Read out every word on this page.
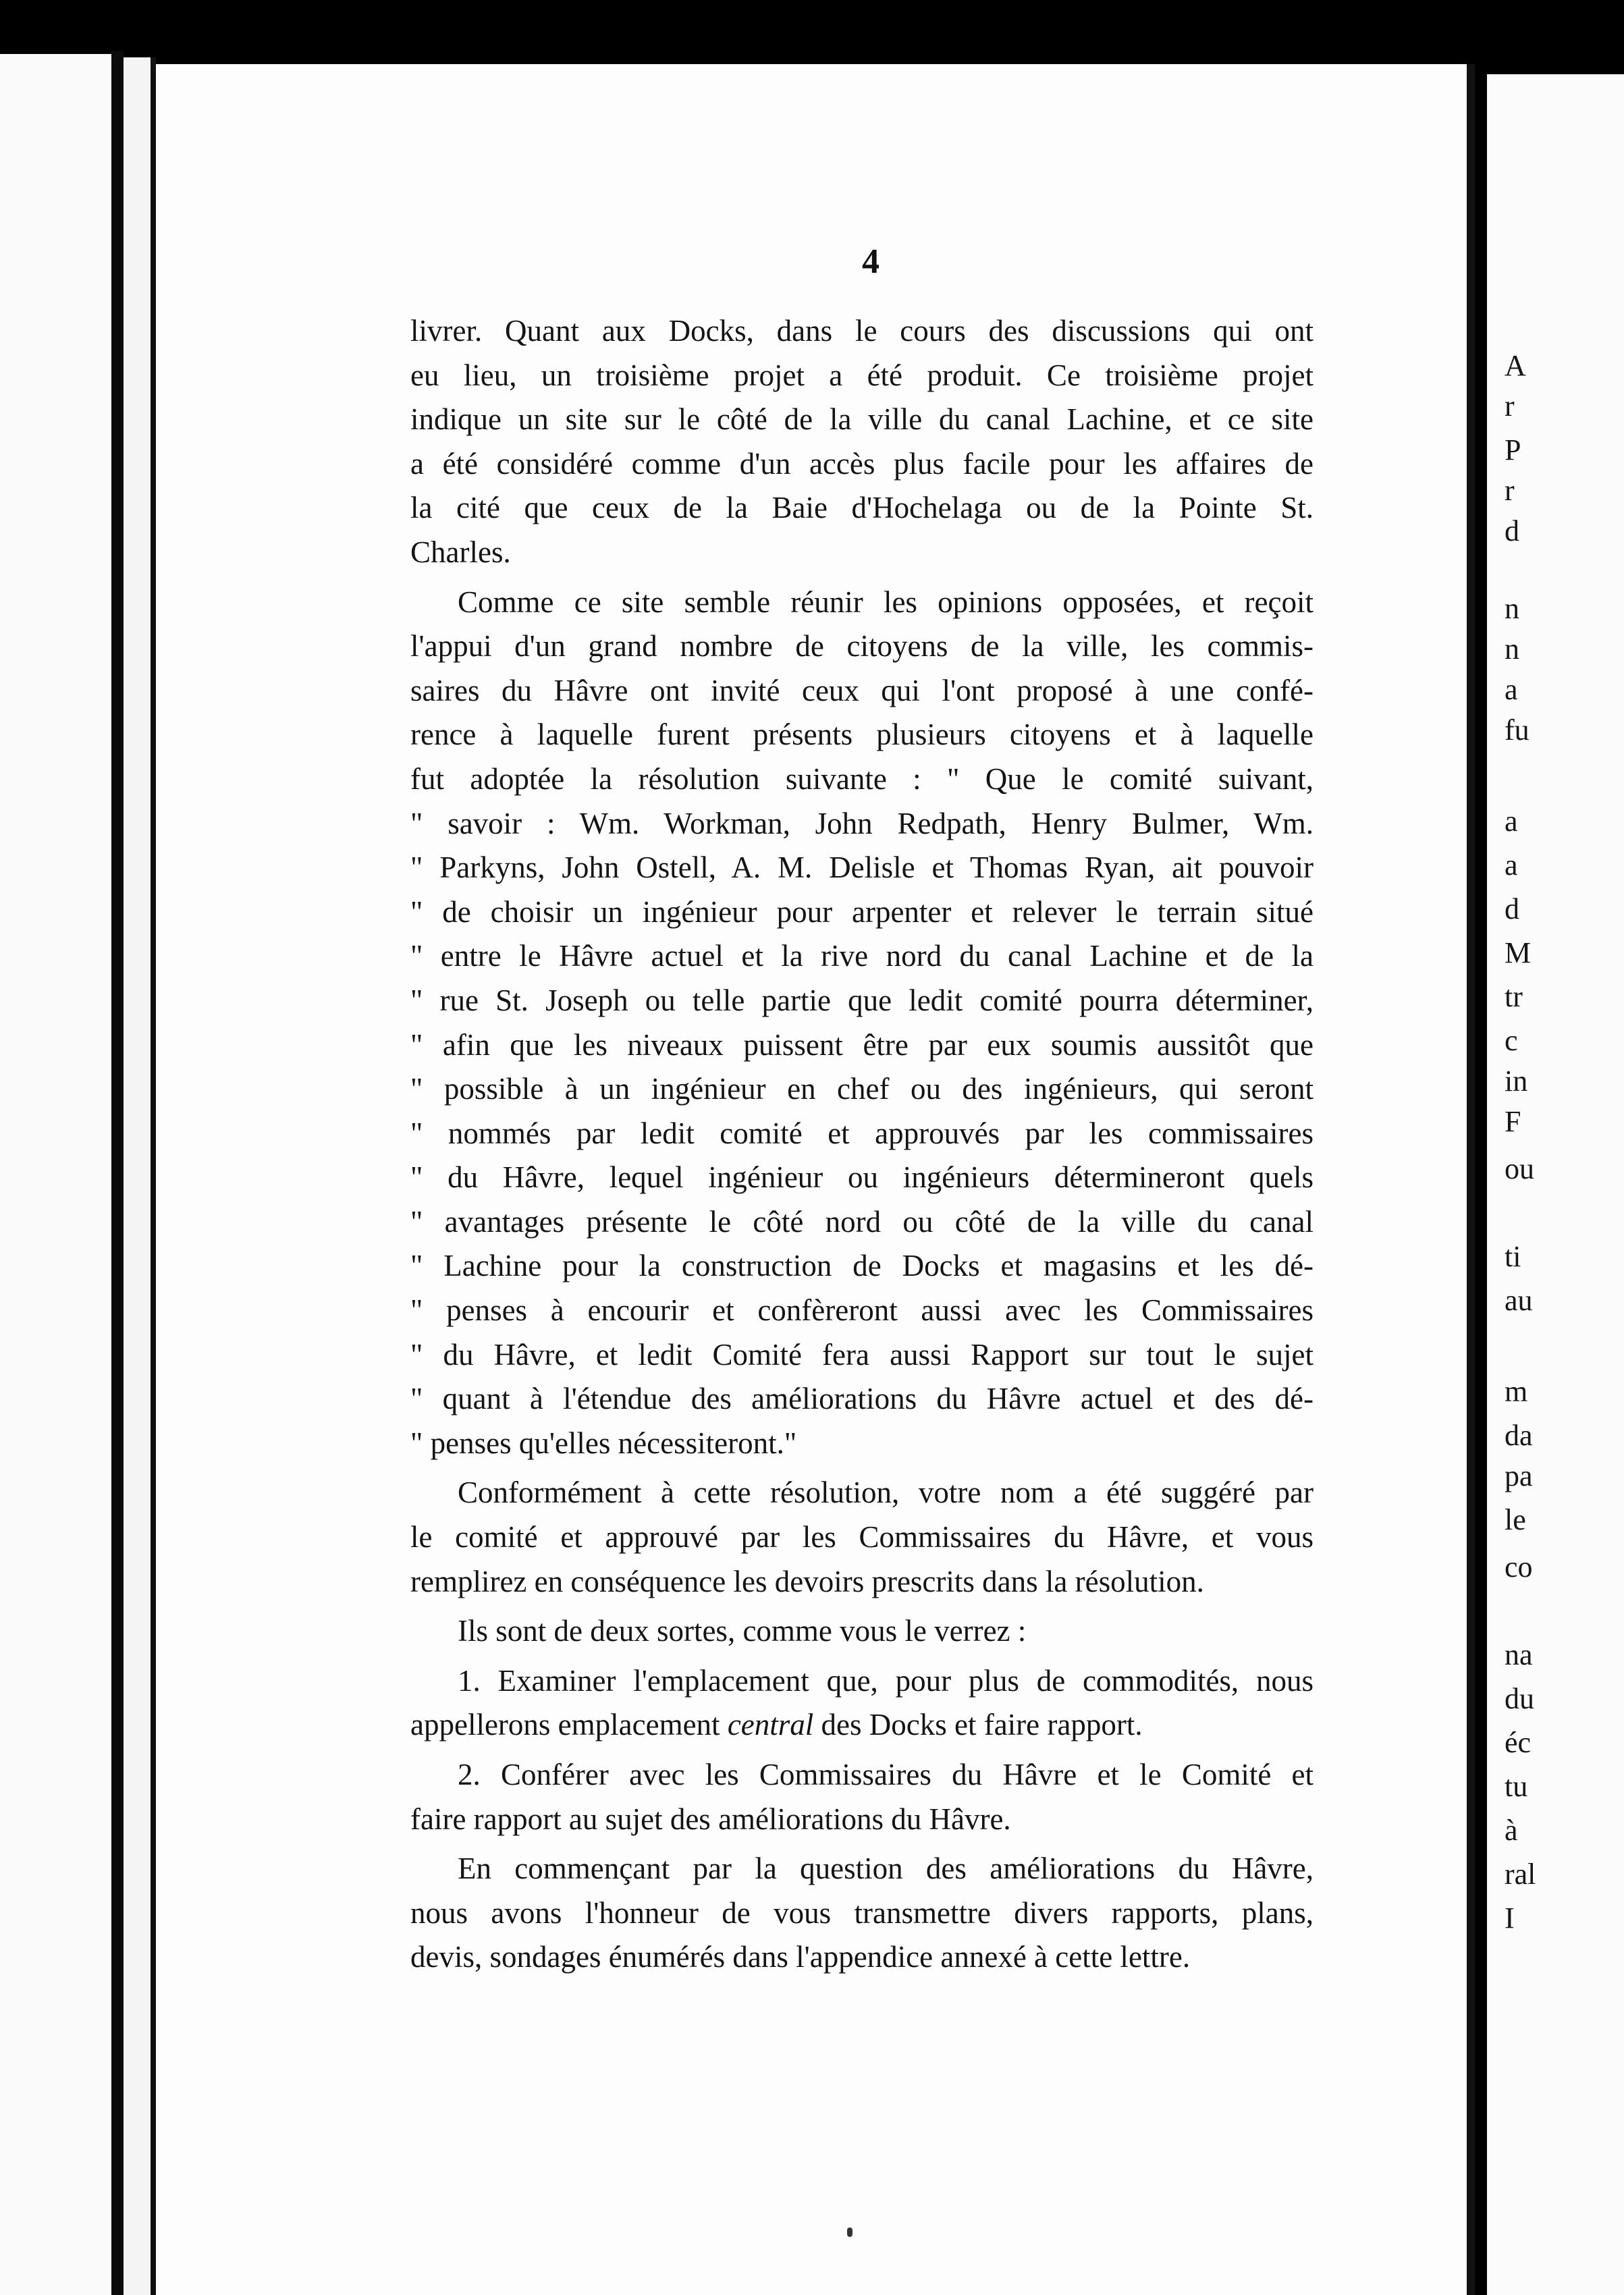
A
r
P
r
d
n
n
a
fu
a
a
d
M
tr
c
in
F
ou
ti
au
m
da
pa
le
co
na
du
éc
tu
à
ral
I
4
livrer. Quant aux Docks, dans le cours des discussions qui ont
eu lieu, un troisième projet a été produit. Ce troisième projet
indique un site sur le côté de la ville du canal Lachine, et ce site
a été considéré comme d'un accès plus facile pour les affaires de
la cité que ceux de la Baie d'Hochelaga ou de la Pointe St.
Charles.
Comme ce site semble réunir les opinions opposées, et reçoit
l'appui d'un grand nombre de citoyens de la ville, les commis-
saires du Hâvre ont invité ceux qui l'ont proposé à une confé-
rence à laquelle furent présents plusieurs citoyens et à laquelle
fut adoptée la résolution suivante : " Que le comité suivant,
" savoir : Wm. Workman, John Redpath, Henry Bulmer, Wm.
" Parkyns, John Ostell, A. M. Delisle et Thomas Ryan, ait pouvoir
" de choisir un ingénieur pour arpenter et relever le terrain situé
" entre le Hâvre actuel et la rive nord du canal Lachine et de la
" rue St. Joseph ou telle partie que ledit comité pourra déterminer,
" afin que les niveaux puissent être par eux soumis aussitôt que
" possible à un ingénieur en chef ou des ingénieurs, qui seront
" nommés par ledit comité et approuvés par les commissaires
" du Hâvre, lequel ingénieur ou ingénieurs détermineront quels
" avantages présente le côté nord ou côté de la ville du canal
" Lachine pour la construction de Docks et magasins et les dé-
" penses à encourir et confèreront aussi avec les Commissaires
" du Hâvre, et ledit Comité fera aussi Rapport sur tout le sujet
" quant à l'étendue des améliorations du Hâvre actuel et des dé-
" penses qu'elles nécessiteront."
Conformément à cette résolution, votre nom a été suggéré par
le comité et approuvé par les Commissaires du Hâvre, et vous
remplirez en conséquence les devoirs prescrits dans la résolution.
Ils sont de deux sortes, comme vous le verrez :
1. Examiner l'emplacement que, pour plus de commodités, nous
appellerons emplacement central des Docks et faire rapport.
2. Conférer avec les Commissaires du Hâvre et le Comité et
faire rapport au sujet des améliorations du Hâvre.
En commençant par la question des améliorations du Hâvre,
nous avons l'honneur de vous transmettre divers rapports, plans,
devis, sondages énumérés dans l'appendice annexé à cette lettre.
